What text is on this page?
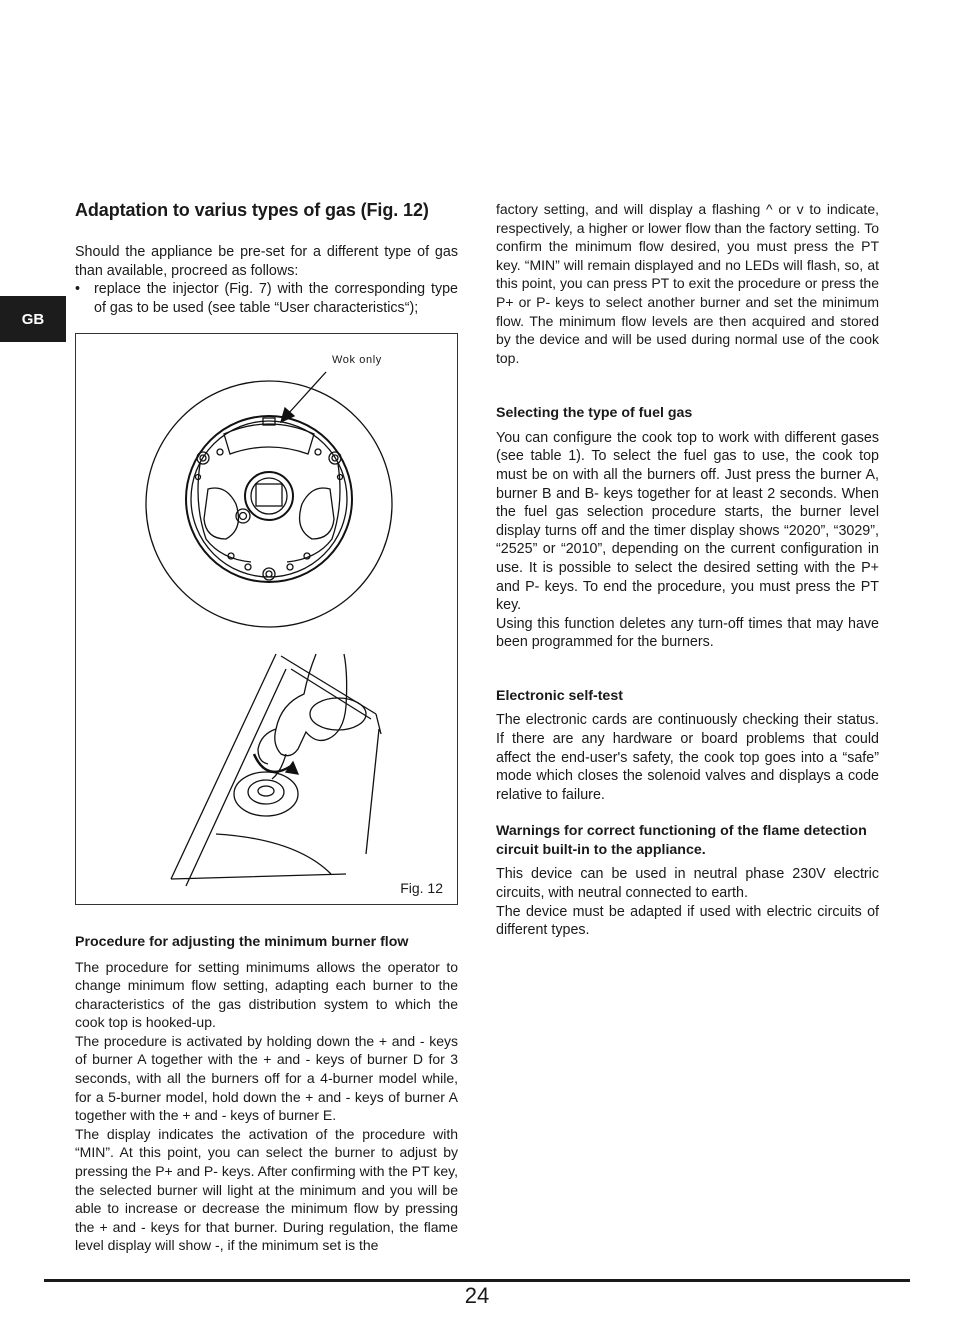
GB
Adaptation to varius types of gas (Fig. 12)

Should the appliance be pre-set for a different type of gas than available, procreed as follows:

• replace the injector (Fig. 7) with the corresponding type of gas to be used (see table “User characteristics“);
Wok only
Fig. 12
Procedure for adjusting the minimum burner flow

The procedure for setting minimums allows the operator to change minimum flow setting, adapting each burner to the characteristics of the gas distribution system to which the cook top is hooked-up.

The procedure is activated by holding down the + and - keys of burner A together with the + and - keys of burner D for 3 seconds, with all the burners off for a 4-burner model while, for a 5-burner model, hold down the + and - keys of burner A together with the + and - keys of burner E.

The display indicates the activation of the procedure with “MIN”. At this point, you can select the burner to adjust by pressing the P+ and P- keys. After confirming with the PT key, the selected burner will light at the minimum and you will be able to increase or decrease the minimum flow by pressing the + and - keys for that burner. During regulation, the flame level display will show -, if the minimum set is the

factory setting, and will display a flashing ^ or v to indicate, respectively, a higher or lower flow than the factory setting. To confirm the minimum flow desired, you must press the PT key. “MIN” will remain displayed and no LEDs will flash, so, at this point, you can press PT to exit the procedure or press the P+ or P- keys to select another burner and set the minimum flow. The minimum flow levels are then acquired and stored by the device and will be used during normal use of the cook top.

Selecting the type of fuel gas

You can configure the cook top to work with different gases (see table 1). To select the fuel gas to use, the cook top must be on with all the burners off. Just press the burner A, burner B and B- keys together for at least 2 seconds. When the fuel gas selection procedure starts, the burner level display turns off and the timer display shows “2020”, “3029”, “2525” or “2010”, depending on the current configuration in use. It is possible to select the desired setting with the P+ and P- keys. To end the procedure, you must press the PT key.

Using this function deletes any turn-off times that may have been programmed for the burners.

Electronic self-test

The electronic cards are continuously checking their status. If there are any hardware or board problems that could affect the end-user's safety, the cook top goes into a “safe” mode which closes the solenoid valves and displays a code relative to failure.

Warnings for correct functioning of the flame detection circuit built-in to the appliance.

This device can be used in neutral phase 230V electric circuits, with neutral connected to earth.

The device must be adapted if used with electric circuits of different types.

24
